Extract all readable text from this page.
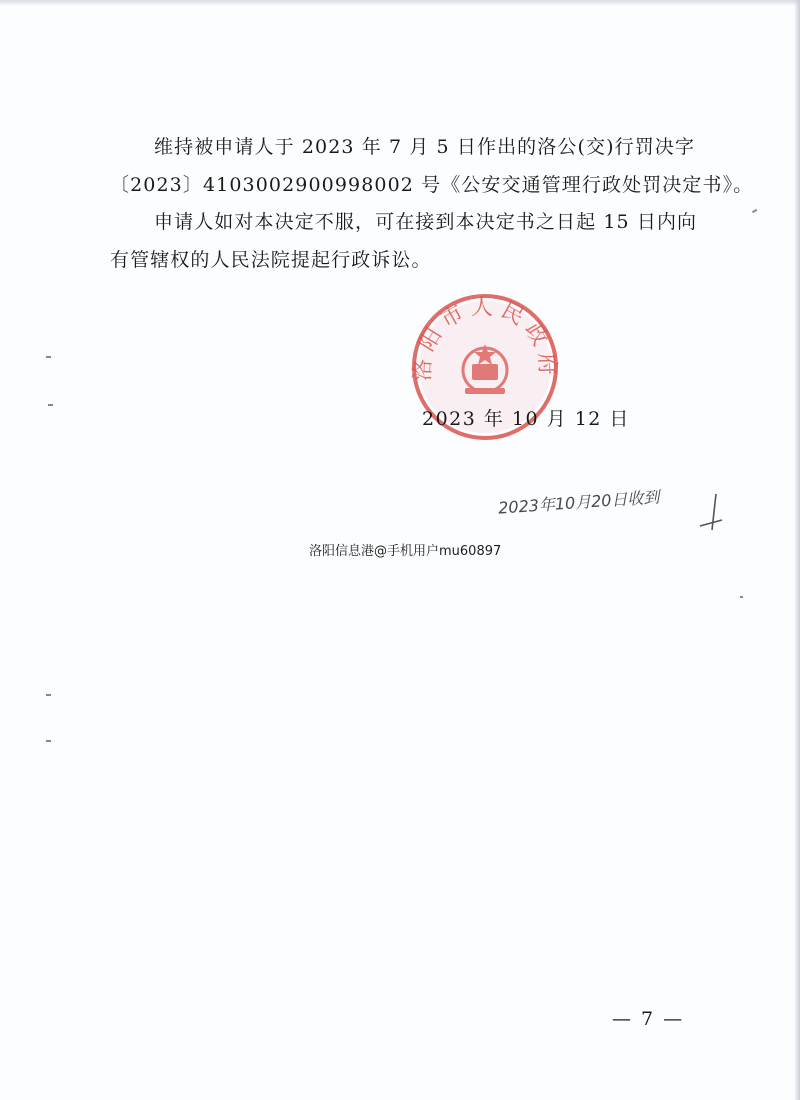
维持被申请人于 2023 年 7 月 5 日作出的洛公(交)行罚决字
〔2023〕4103002900998002 号《公安交通管理行政处罚决定书》。
申请人如对本决定不服，可在接到本决定书之日起 15 日内向
有管辖权的人民法院提起行政诉讼。
洛阳市人民政府
2023 年 10 月 12 日
2023年10月20日收到
洛阳信息港@手机用户mu60897
— 7 —
